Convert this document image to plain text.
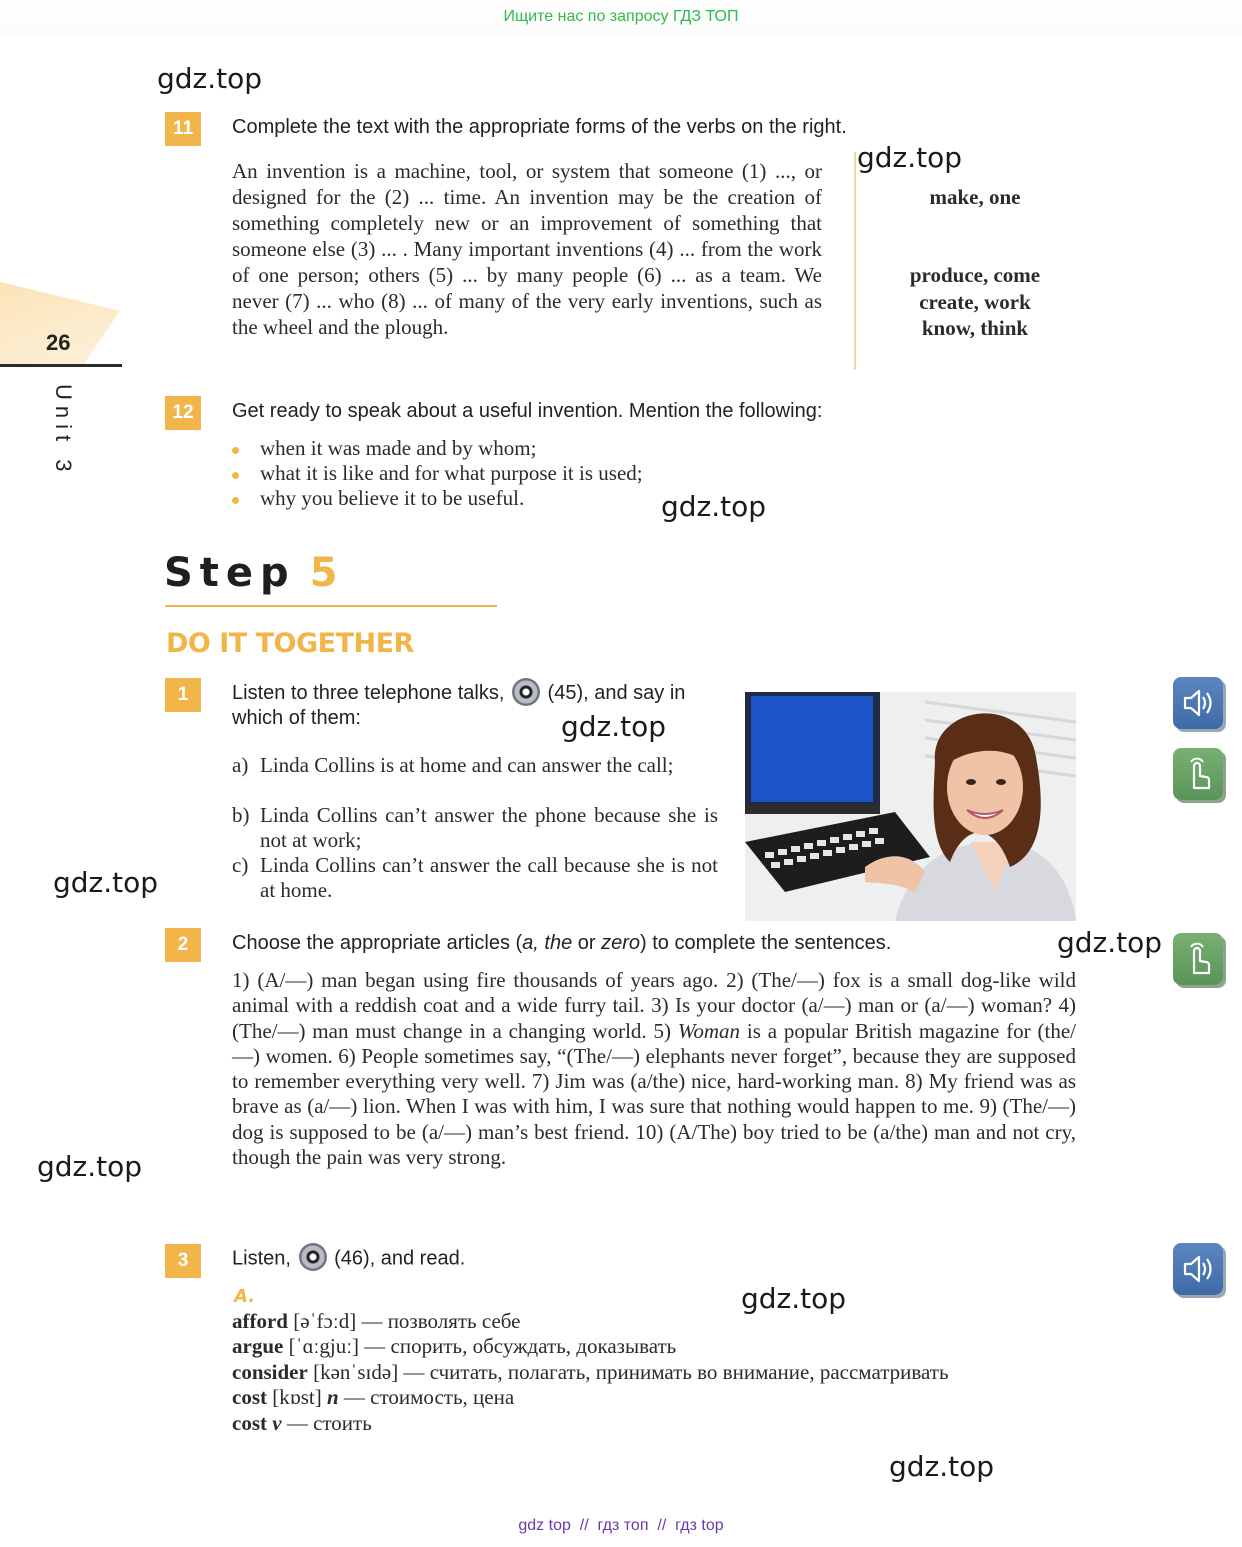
Ищите нас по запросу ГДЗ ТОП
26
Unit 3
gdz.top
gdz.top
gdz.top
gdz.top
gdz.top
gdz.top
gdz.top
gdz.top
gdz.top
11	Complete the text with the appropriate forms of the verbs on the right.
An invention is a machine, tool, or system that someone (1) ..., or designed for the (2) ... time. An invention may be the creation of something completely new or an improvement of something that someone else (3) ... . Many important inventions (4) ... from the work of one person; others (5) ... by many people (6) ... as a team. We never (7) ... who (8) ... of many of the very early inventions, such as the wheel and the plough.
make, one
produce, come
create, work
know, think
12	Get ready to speak about a useful invention. Mention the following:
when it was made and by whom;
what it is like and for what purpose it is used;
why you believe it to be useful.
Step 5
DO IT TOGETHER
1	Listen to three telephone talks, (45), and say in
which of them:
a) Linda Collins is at home and can answer the call;
b) Linda Collins can’t answer the phone because she is not at work;
c) Linda Collins can’t answer the call because she is not at home.
2	Choose the appropriate articles (a, the or zero) to complete the sentences.
1) (A/—) man began using fire thousands of years ago. 2) (The/—) fox is a small dog-like wild animal with a reddish coat and a wide furry tail. 3) Is your doctor (a/—) man or (a/—) woman? 4) (The/—) man must change in a changing world. 5) Woman is a popular British magazine for (the/—) women. 6) People sometimes say, “(The/—) elephants never forget”, because they are supposed to remember everything very well. 7) Jim was (a/the) nice, hard-working man. 8) My friend was as brave as (a/—) lion. When I was with him, I was sure that nothing would happen to me. 9) (The/—) dog is supposed to be (a/—) man’s best friend. 10) (A/The) boy tried to be (a/the) man and not cry, though the pain was very strong.
3	Listen, (46), and read.
A.
afford [əˈfɔːd] — позволять себе
argue [ˈɑːgjuː] — спорить, обсуждать, доказывать
consider [kənˈsɪdə] — считать, полагать, принимать во внимание, рассматривать
cost [kɒst] n — стоимость, цена
cost v — стоить
gdz top  //  гдз топ  //  гдз top
